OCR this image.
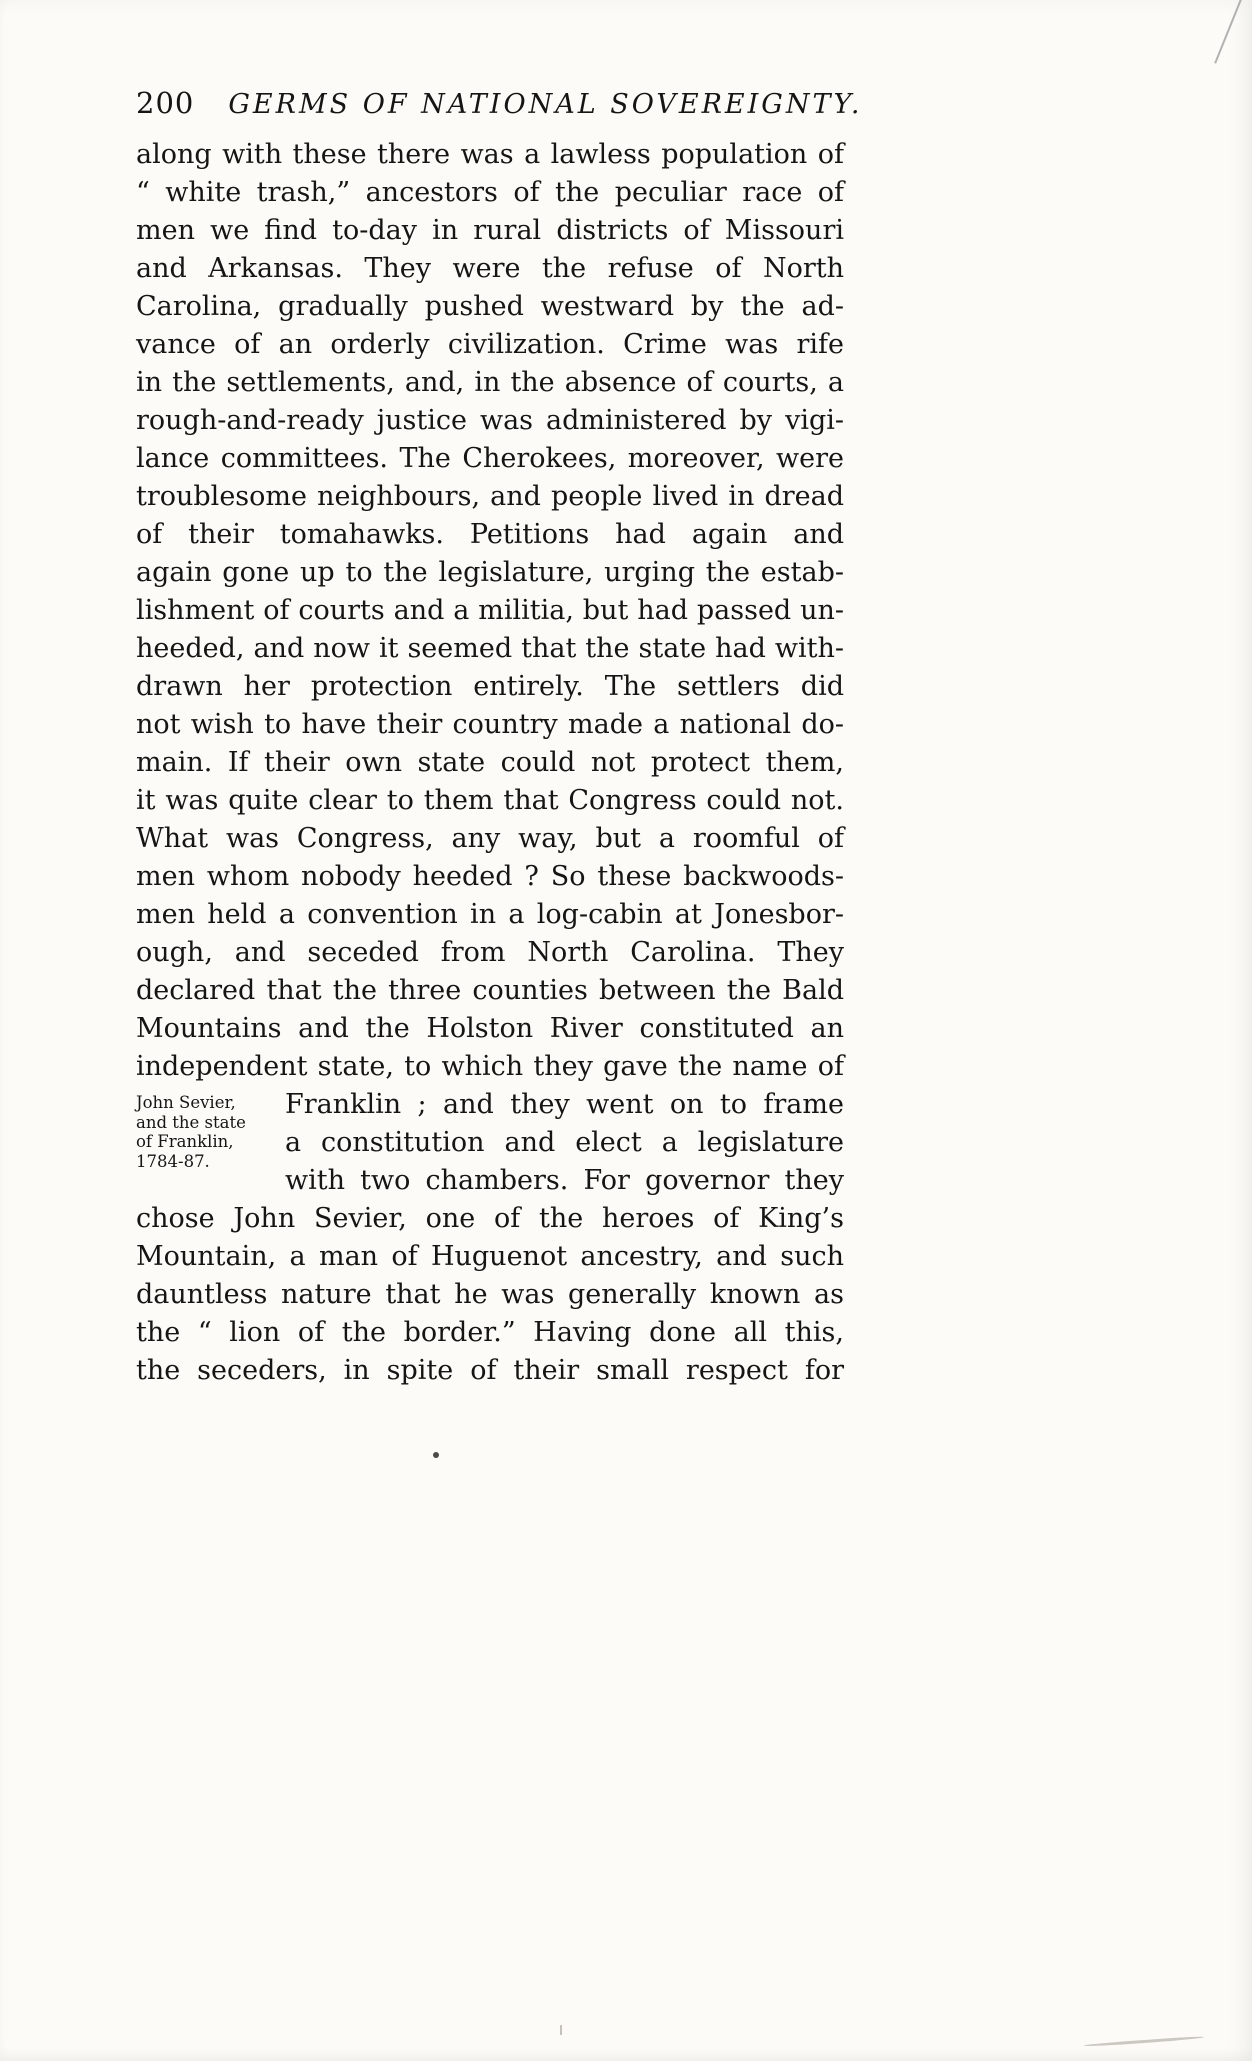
200 GERMS OF NATIONAL SOVEREIGNTY.
along with these there was a lawless population of
“ white trash,” ancestors of the peculiar race of
men we find to-day in rural districts of Missouri
and Arkansas. They were the refuse of North
Carolina, gradually pushed westward by the ad-
vance of an orderly civilization. Crime was rife
in the settlements, and, in the absence of courts, a
rough-and-ready justice was administered by vigi-
lance committees. The Cherokees, moreover, were
troublesome neighbours, and people lived in dread
of their tomahawks. Petitions had again and
again gone up to the legislature, urging the estab-
lishment of courts and a militia, but had passed un-
heeded, and now it seemed that the state had with-
drawn her protection entirely. The settlers did
not wish to have their country made a national do-
main. If their own state could not protect them,
it was quite clear to them that Congress could not.
What was Congress, any way, but a roomful of
men whom nobody heeded ? So these backwoods-
men held a convention in a log-cabin at Jonesbor-
ough, and seceded from North Carolina. They
declared that the three counties between the Bald
Mountains and the Holston River constituted an
independent state, to which they gave the name of
John Sevier,
and the state
of Franklin,
1784-87.
Franklin ; and they went on to frame
a constitution and elect a legislature
with two chambers. For governor they
chose John Sevier, one of the heroes of King’s
Mountain, a man of Huguenot ancestry, and such
dauntless nature that he was generally known as
the “ lion of the border.” Having done all this,
the seceders, in spite of their small respect for
